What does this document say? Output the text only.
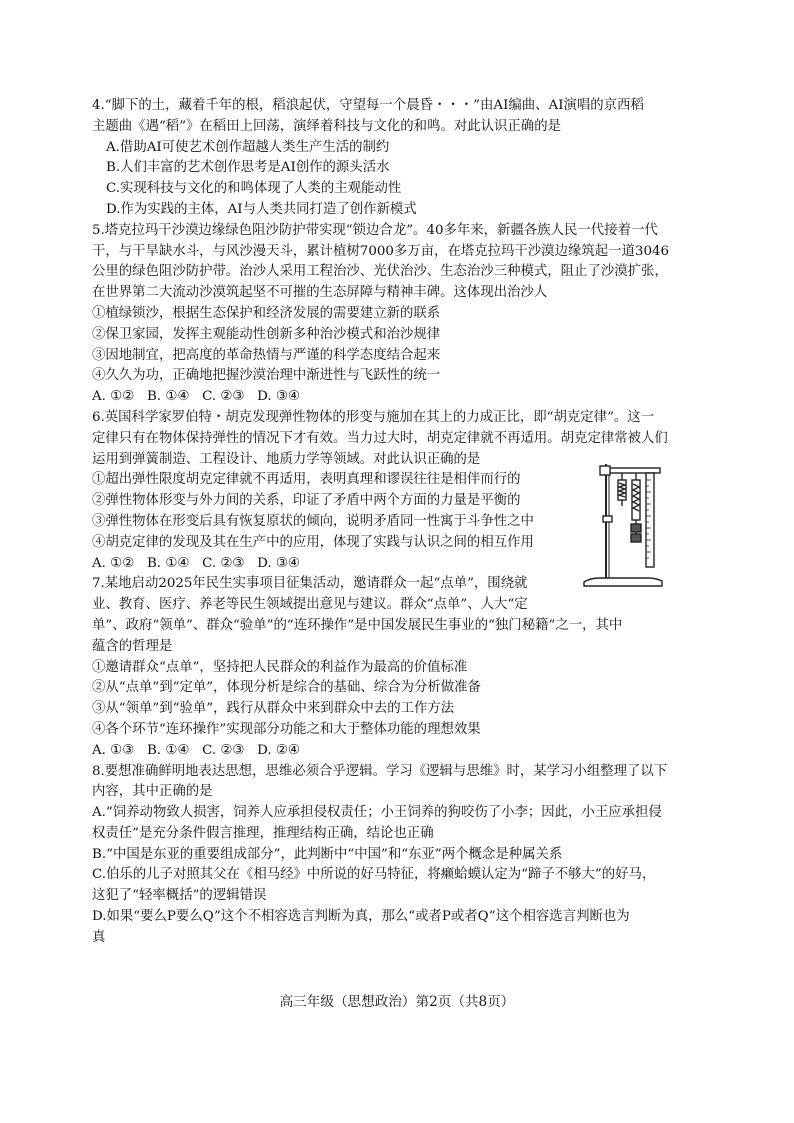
4.“脚下的土，藏着千年的根，稻浪起伏，守望每一个晨昏・・・”由AI编曲、AI演唱的京西稻
主题曲《遇“稻”》在稻田上回荡，演绎着科技与文化的和鸣。对此认识正确的是
A.借助AI可使艺术创作超越人类生产生活的制约
B.人们丰富的艺术创作思考是AI创作的源头活水
C.实现科技与文化的和鸣体现了人类的主观能动性
D.作为实践的主体，AI与人类共同打造了创作新模式
5.塔克拉玛干沙漠边缘绿色阻沙防护带实现“锁边合龙”。40多年来，新疆各族人民一代接着一代
干，与干旱缺水斗，与风沙漫天斗，累计植树7000多万亩，在塔克拉玛干沙漠边缘筑起一道3046
公里的绿色阻沙防护带。治沙人采用工程治沙、光伏治沙、生态治沙三种模式，阻止了沙漠扩张，
在世界第二大流动沙漠筑起坚不可摧的生态屏障与精神丰碑。这体现出治沙人
①植绿锁沙，根据生态保护和经济发展的需要建立新的联系
②保卫家园，发挥主观能动性创新多种治沙模式和治沙规律
③因地制宜，把高度的革命热情与严谨的科学态度结合起来
④久久为功，正确地把握沙漠治理中渐进性与飞跃性的统一
A. ①②   B. ①④   C. ②③   D. ③④
6.英国科学家罗伯特・胡克发现弹性物体的形变与施加在其上的力成正比，即“胡克定律”。这一
定律只有在物体保持弹性的情况下才有效。当力过大时，胡克定律就不再适用。胡克定律常被人们
运用到弹簧制造、工程设计、地质力学等领域。对此认识正确的是
①超出弹性限度胡克定律就不再适用，表明真理和谬误往往是相伴而行的
②弹性物体形变与外力间的关系，印证了矛盾中两个方面的力量是平衡的
③弹性物体在形变后具有恢复原状的倾向，说明矛盾同一性寓于斗争性之中
④胡克定律的发现及其在生产中的应用，体现了实践与认识之间的相互作用
A. ①②   B. ①④   C. ②③   D. ③④
7.某地启动2025年民生实事项目征集活动，邀请群众一起“点单”，围绕就
业、教育、医疗、养老等民生领域提出意见与建议。群众“点单”、人大“定
单”、政府“领单”、群众“验单”的“连环操作”是中国发展民生事业的“独门秘籍”之一，其中
蕴含的哲理是
①邀请群众“点单”，坚持把人民群众的利益作为最高的价值标准
②从“点单”到“定单”，体现分析是综合的基础、综合为分析做准备
③从“领单”到“验单”，践行从群众中来到群众中去的工作方法
④各个环节“连环操作”实现部分功能之和大于整体功能的理想效果
A. ①③   B. ①④   C. ②③   D. ②④
8.要想准确鲜明地表达思想，思维必须合乎逻辑。学习《逻辑与思维》时，某学习小组整理了以下
内容，其中正确的是
A.“饲养动物致人损害，饲养人应承担侵权责任；小王饲养的狗咬伤了小李；因此，小王应承担侵
权责任”是充分条件假言推理，推理结构正确，结论也正确
B.“中国是东亚的重要组成部分”，此判断中“中国”和“东亚”两个概念是种属关系
C.伯乐的儿子对照其父在《相马经》中所说的好马特征，将癞蛤蟆认定为“蹄子不够大”的好马，
这犯了“轻率概括”的逻辑错误
D.如果“要么P要么Q”这个不相容选言判断为真，那么“或者P或者Q”这个相容选言判断也为
真
高三年级（思想政治）第2页（共8页）
